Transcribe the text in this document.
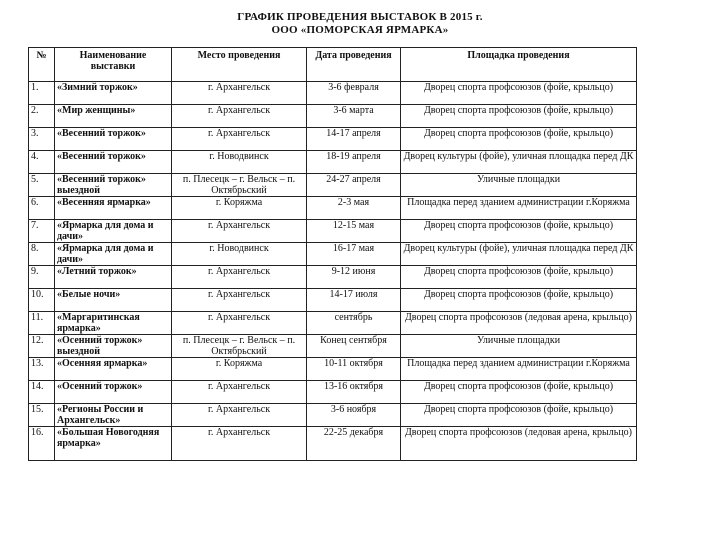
ГРАФИК ПРОВЕДЕНИЯ ВЫСТАВОК В 2015 г.
ООО «ПОМОРСКАЯ ЯРМАРКА»
№	Наименование выставки	Место проведения	Дата проведения	Площадка проведения
1.	«Зимний торжок»	г. Архангельск	3-6 февраля	Дворец спорта профсоюзов (фойе, крыльцо)
2.	«Мир женщины»	г. Архангельск	3-6 марта	Дворец спорта профсоюзов (фойе, крыльцо)
3.	«Весенний торжок»	г. Архангельск	14-17 апреля	Дворец спорта профсоюзов (фойе, крыльцо)
4.	«Весенний торжок»	г. Новодвинск	18-19 апреля	Дворец культуры (фойе), уличная площадка перед ДК
5.	«Весенний торжок» выездной	п. Плесецк – г. Вельск – п. Октябрьский	24-27 апреля	Уличные площадки
6.	«Весенняя ярмарка»	г. Коряжма	2-3 мая	Площадка перед зданием администрации г.Коряжма
7.	«Ярмарка для дома и дачи»	г. Архангельск	12-15 мая	Дворец спорта профсоюзов (фойе, крыльцо)
8.	«Ярмарка для дома и дачи»	г. Новодвинск	16-17 мая	Дворец культуры (фойе), уличная площадка перед ДК
9.	«Летний торжок»	г. Архангельск	9-12 июня	Дворец спорта профсоюзов (фойе, крыльцо)
10.	«Белые ночи»	г. Архангельск	14-17 июля	Дворец спорта профсоюзов (фойе, крыльцо)
11.	«Маргаритинская ярмарка»	г. Архангельск	сентябрь	Дворец спорта профсоюзов (ледовая арена, крыльцо)
12.	«Осенний торжок» выездной	п. Плесецк – г. Вельск – п. Октябрьский	Конец сентября	Уличные площадки
13.	«Осенняя ярмарка»	г. Коряжма	10-11 октября	Площадка перед зданием администрации г.Коряжма
14.	«Осенний торжок»	г. Архангельск	13-16 октября	Дворец спорта профсоюзов (фойе, крыльцо)
15.	«Регионы России и Архангельск»	г. Архангельск	3-6 ноября	Дворец спорта профсоюзов (фойе, крыльцо)
16.	«Большая Новогодняя ярмарка»	г. Архангельск	22-25 декабря	Дворец спорта профсоюзов (ледовая арена, крыльцо)
